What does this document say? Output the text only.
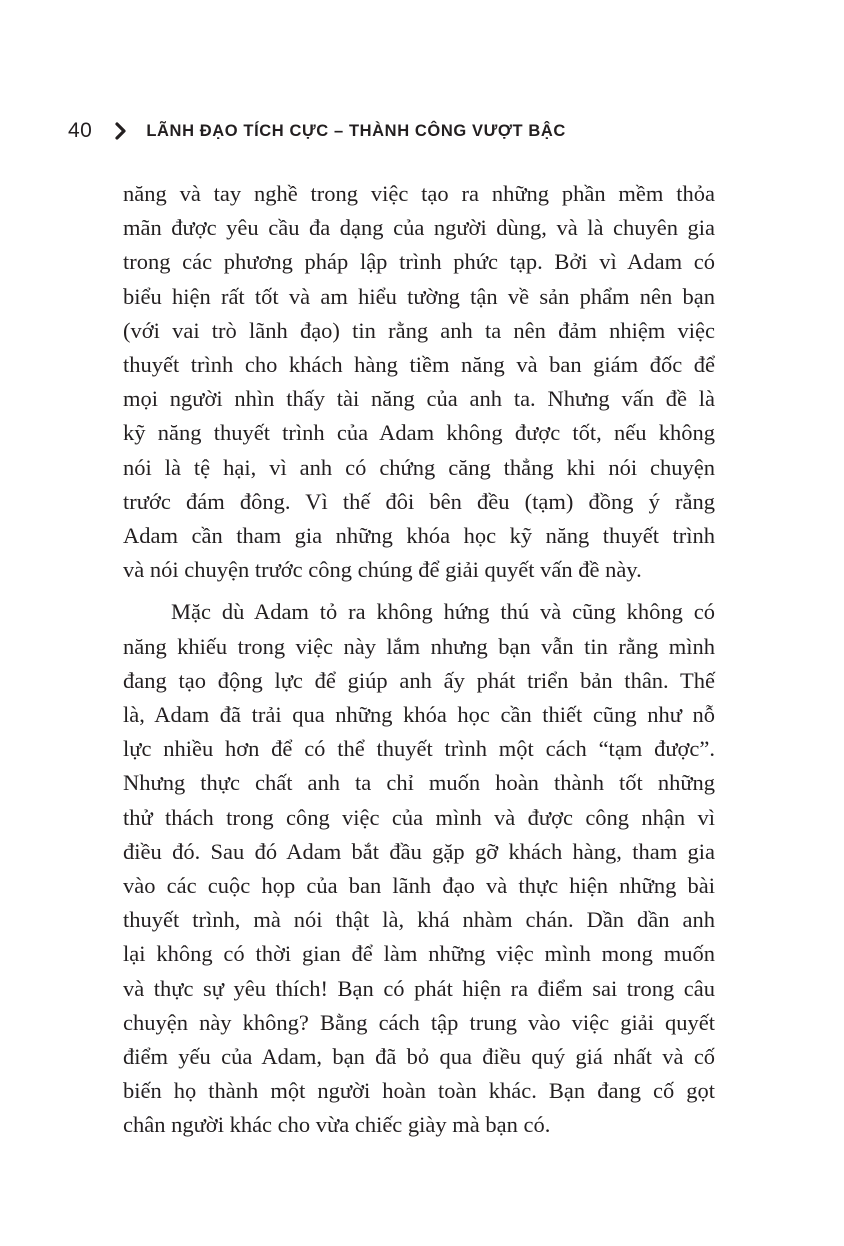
40	LÃNH ĐẠO TÍCH CỰC – THÀNH CÔNG VƯỢT BẬC

năng và tay nghề trong việc tạo ra những phần mềm thỏa
mãn được yêu cầu đa dạng của người dùng, và là chuyên gia
trong các phương pháp lập trình phức tạp. Bởi vì Adam có
biểu hiện rất tốt và am hiểu tường tận về sản phẩm nên bạn
(với vai trò lãnh đạo) tin rằng anh ta nên đảm nhiệm việc
thuyết trình cho khách hàng tiềm năng và ban giám đốc để
mọi người nhìn thấy tài năng của anh ta. Nhưng vấn đề là
kỹ năng thuyết trình của Adam không được tốt, nếu không
nói là tệ hại, vì anh có chứng căng thẳng khi nói chuyện
trước đám đông. Vì thế đôi bên đều (tạm) đồng ý rằng
Adam cần tham gia những khóa học kỹ năng thuyết trình
và nói chuyện trước công chúng để giải quyết vấn đề này.

Mặc dù Adam tỏ ra không hứng thú và cũng không có
năng khiếu trong việc này lắm nhưng bạn vẫn tin rằng mình
đang tạo động lực để giúp anh ấy phát triển bản thân. Thế
là, Adam đã trải qua những khóa học cần thiết cũng như nỗ
lực nhiều hơn để có thể thuyết trình một cách “tạm được”.
Nhưng thực chất anh ta chỉ muốn hoàn thành tốt những
thử thách trong công việc của mình và được công nhận vì
điều đó. Sau đó Adam bắt đầu gặp gỡ khách hàng, tham gia
vào các cuộc họp của ban lãnh đạo và thực hiện những bài
thuyết trình, mà nói thật là, khá nhàm chán. Dần dần anh
lại không có thời gian để làm những việc mình mong muốn
và thực sự yêu thích! Bạn có phát hiện ra điểm sai trong câu
chuyện này không? Bằng cách tập trung vào việc giải quyết
điểm yếu của Adam, bạn đã bỏ qua điều quý giá nhất và cố
biến họ thành một người hoàn toàn khác. Bạn đang cố gọt
chân người khác cho vừa chiếc giày mà bạn có.
